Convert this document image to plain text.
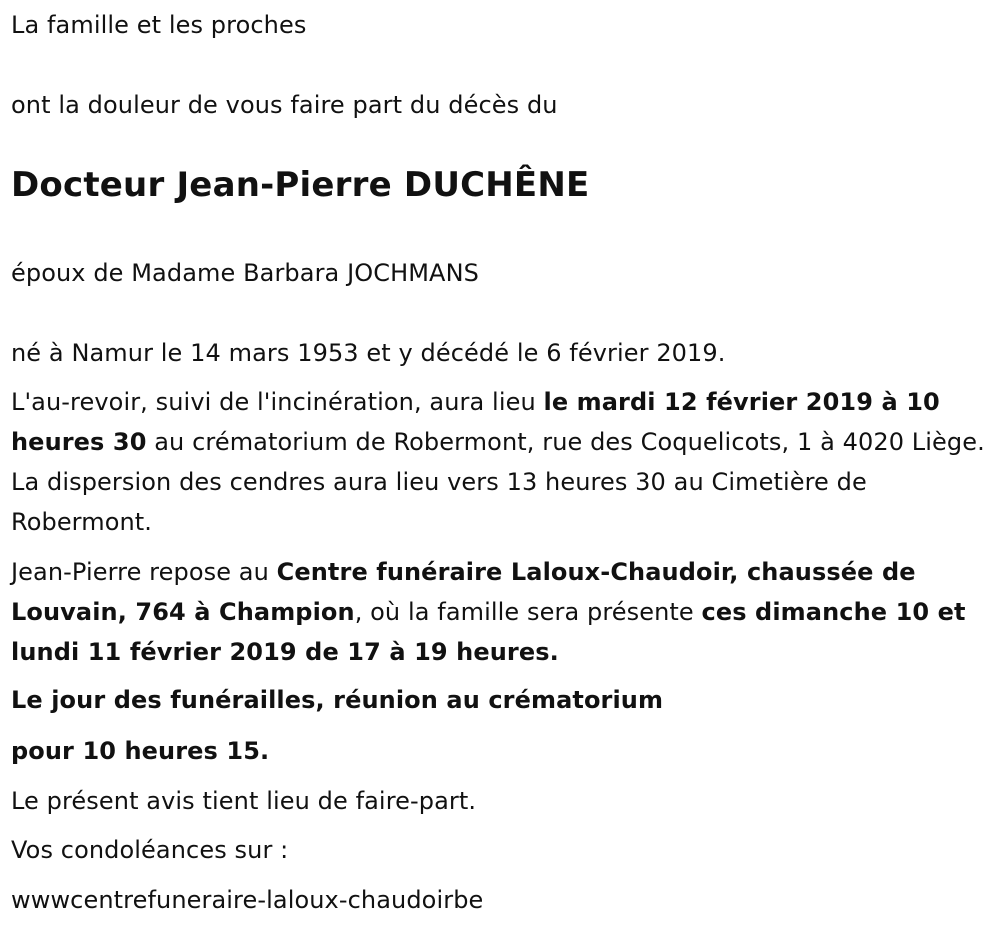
La famille et les proches
ont la douleur de vous faire part du décès du
Docteur Jean-Pierre DUCHÊNE
époux de Madame Barbara JOCHMANS
né à Namur le 14 mars 1953 et y décédé le 6 février 2019.
L'au-revoir, suivi de l'incinération, aura lieu le mardi 12 février 2019 à 10 heures 30 au crématorium de Robermont, rue des Coquelicots, 1 à 4020 Liège. La dispersion des cendres aura lieu vers 13 heures 30 au Cimetière de Robermont.
Jean-Pierre repose au Centre funéraire Laloux-Chaudoir, chaussée de Louvain, 764 à Champion, où la famille sera présente ces dimanche 10 et lundi 11 février 2019 de 17 à 19 heures.
Le jour des funérailles, réunion au crématorium
pour 10 heures 15.
Le présent avis tient lieu de faire-part.
Vos condoléances sur :
wwwcentrefuneraire-laloux-chaudoirbe
